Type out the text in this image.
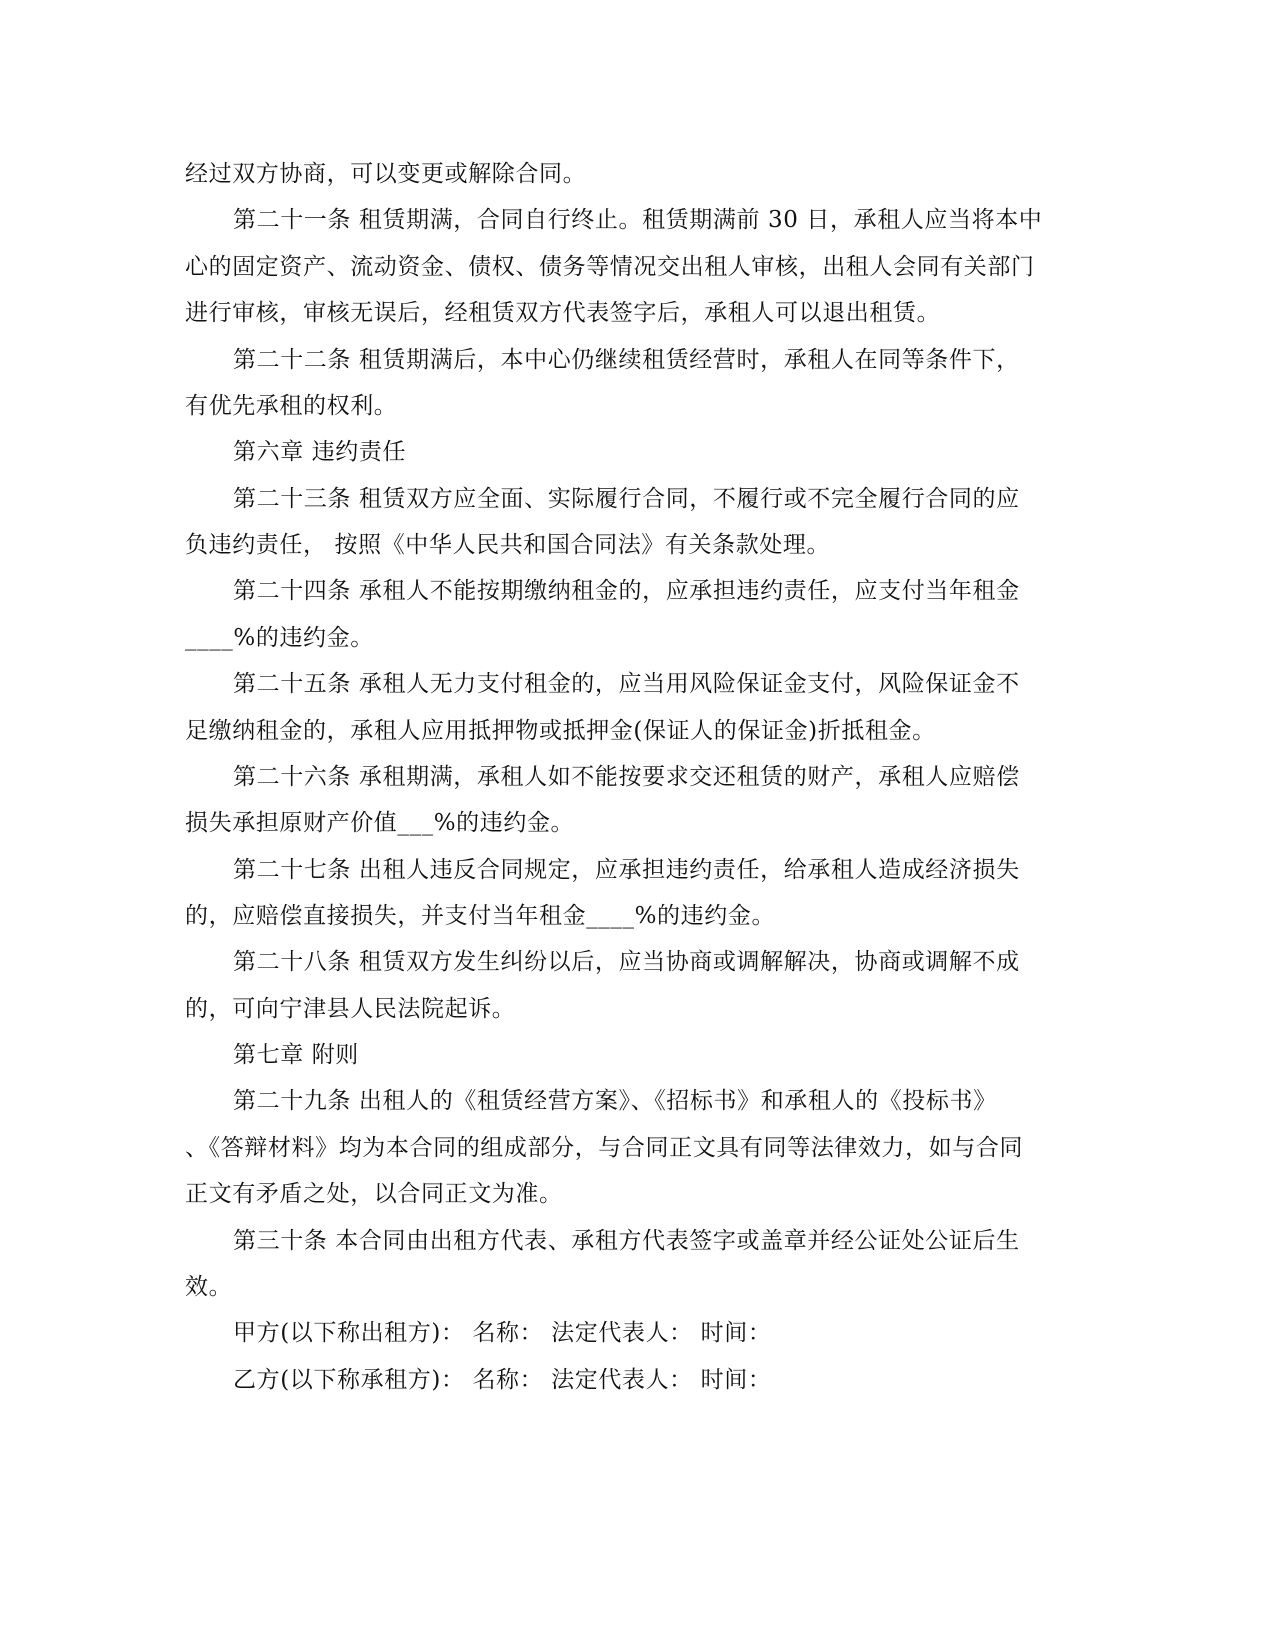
经过双方协商，可以变更或解除合同。
第二十一条 租赁期满，合同自行终止。租赁期满前 30 日，承租人应当将本中
心的固定资产、流动资金、债权、债务等情况交出租人审核，出租人会同有关部门
进行审核，审核无误后，经租赁双方代表签字后，承租人可以退出租赁。
第二十二条 租赁期满后，本中心仍继续租赁经营时，承租人在同等条件下，
有优先承租的权利。
第六章 违约责任
第二十三条 租赁双方应全面、实际履行合同，不履行或不完全履行合同的应
负违约责任， 按照《中华人民共和国合同法》有关条款处理。
第二十四条 承租人不能按期缴纳租金的，应承担违约责任，应支付当年租金
____%的违约金。
第二十五条 承租人无力支付租金的，应当用风险保证金支付，风险保证金不
足缴纳租金的，承租人应用抵押物或抵押金(保证人的保证金)折抵租金。
第二十六条 承租期满，承租人如不能按要求交还租赁的财产，承租人应赔偿
损失承担原财产价值___%的违约金。
第二十七条 出租人违反合同规定，应承担违约责任，给承租人造成经济损失
的，应赔偿直接损失，并支付当年租金____%的违约金。
第二十八条 租赁双方发生纠纷以后，应当协商或调解解决，协商或调解不成
的，可向宁津县人民法院起诉。
第七章 附则
第二十九条 出租人的《租赁经营方案》、《招标书》和承租人的《投标书》
、《答辩材料》均为本合同的组成部分，与合同正文具有同等法律效力，如与合同
正文有矛盾之处，以合同正文为准。
第三十条 本合同由出租方代表、承租方代表签字或盖章并经公证处公证后生
效。
甲方(以下称出租方)： 名称： 法定代表人： 时间：
乙方(以下称承租方)： 名称： 法定代表人： 时间：
